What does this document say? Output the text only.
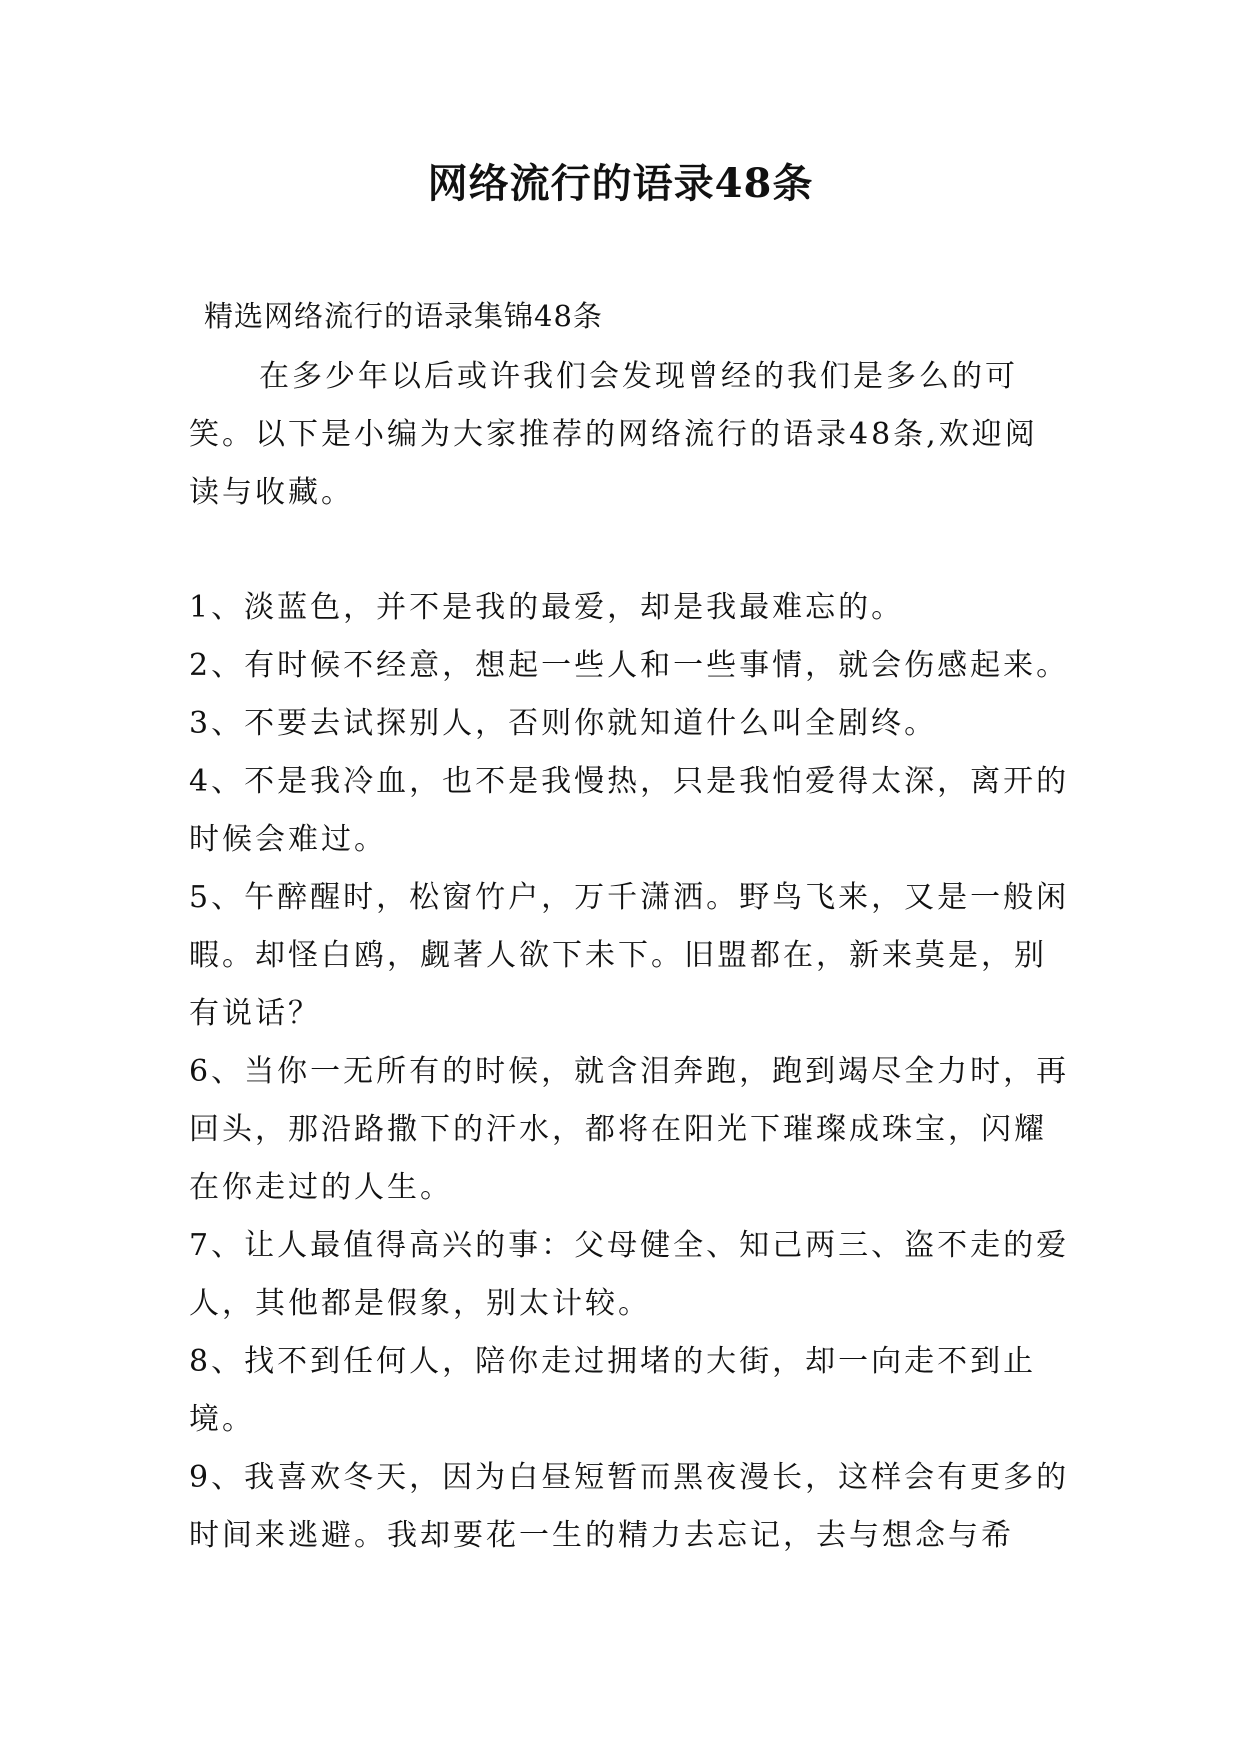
网络流行的语录48条
精选网络流行的语录集锦48条
在多少年以后或许我们会发现曾经的我们是多么的可笑。以下是小编为大家推荐的网络流行的语录48条,欢迎阅读与收藏。

1、淡蓝色，并不是我的最爱，却是我最难忘的。

2、有时候不经意，想起一些人和一些事情，就会伤感起来。

3、不要去试探别人，否则你就知道什么叫全剧终。

4、不是我冷血，也不是我慢热，只是我怕爱得太深，离开的时候会难过。

5、午醉醒时，松窗竹户，万千潇洒。野鸟飞来，又是一般闲暇。却怪白鸥，觑著人欲下未下。旧盟都在，新来莫是，别有说话？

6、当你一无所有的时候，就含泪奔跑，跑到竭尽全力时，再回头，那沿路撒下的汗水，都将在阳光下璀璨成珠宝，闪耀在你走过的人生。

7、让人最值得高兴的事：父母健全、知己两三、盗不走的爱人，其他都是假象，别太计较。

8、找不到任何人，陪你走过拥堵的大街，却一向走不到止境。

9、我喜欢冬天，因为白昼短暂而黑夜漫长，这样会有更多的时间来逃避。我却要花一生的精力去忘记，去与想念与希
